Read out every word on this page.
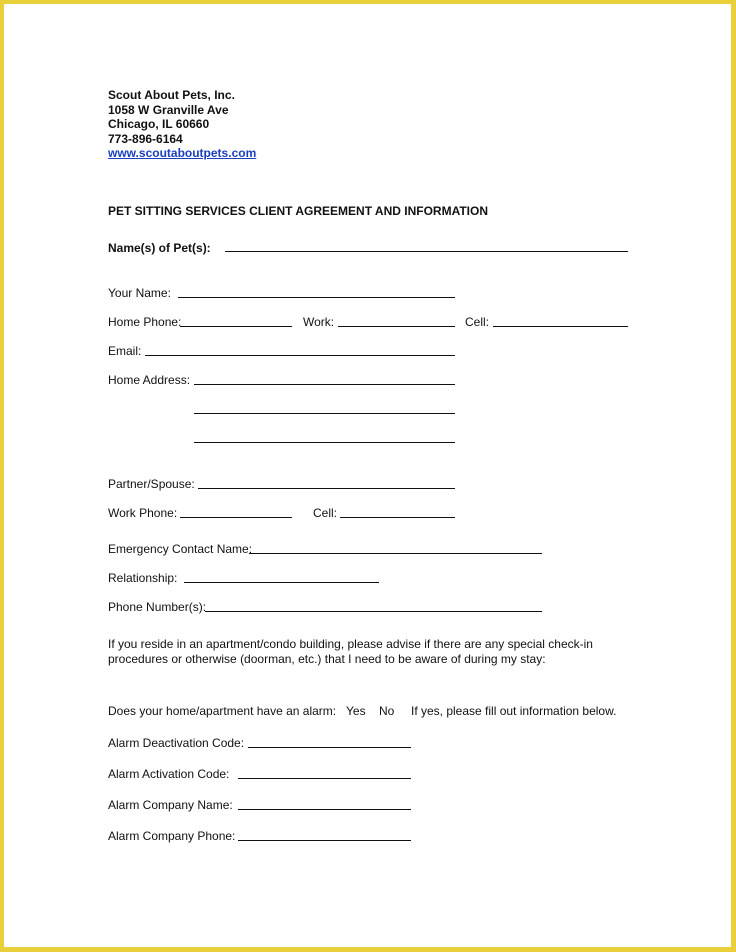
Scout About Pets, Inc.
1058 W Granville Ave
Chicago, IL 60660
773-896-6164
www.scoutaboutpets.com
PET SITTING SERVICES CLIENT AGREEMENT AND INFORMATION
Name(s) of Pet(s):
Your Name:
Home Phone:	Work:	Cell:
Email:
Home Address:
Partner/Spouse:
Work Phone:	Cell:
Emergency Contact Name:
Relationship:
Phone Number(s):
If you reside in an apartment/condo building, please advise if there are any special check-in
procedures or otherwise (doorman, etc.) that I need to be aware of during my stay:
Does your home/apartment have an alarm: Yes No If yes, please fill out information below.
Alarm Deactivation Code:
Alarm Activation Code:
Alarm Company Name:
Alarm Company Phone:
